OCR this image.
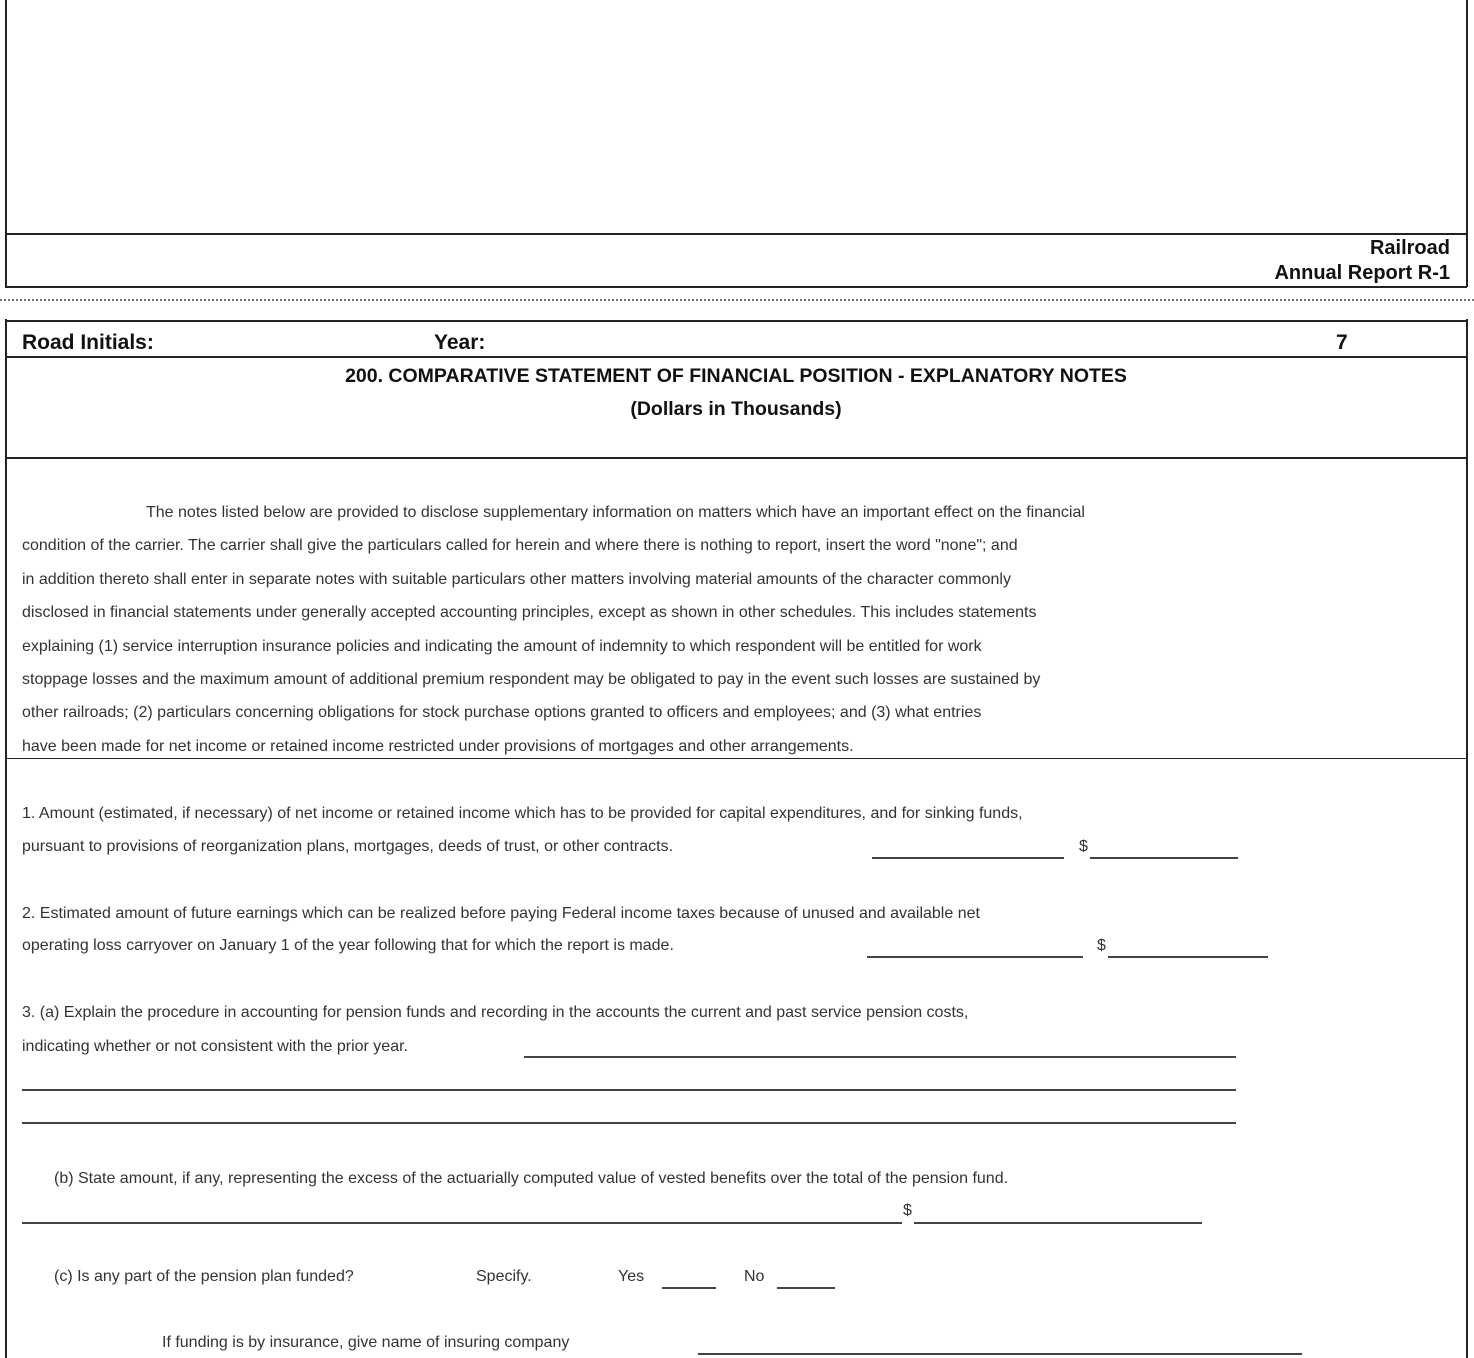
Railroad
Annual Report R-1
Road Initials:	Year:	7
200. COMPARATIVE STATEMENT OF FINANCIAL POSITION - EXPLANATORY NOTES
(Dollars in Thousands)
The notes listed below are provided to disclose supplementary information on matters which have an important effect on the financial
condition of the carrier. The carrier shall give the particulars called for herein and where there is nothing to report, insert the word "none"; and
in addition thereto shall enter in separate notes with suitable particulars other matters involving material amounts of the character commonly
disclosed in financial statements under generally accepted accounting principles, except as shown in other schedules. This includes statements
explaining (1) service interruption insurance policies and indicating the amount of indemnity to which respondent will be entitled for work
stoppage losses and the maximum amount of additional premium respondent may be obligated to pay in the event such losses are sustained by
other railroads; (2) particulars concerning obligations for stock purchase options granted to officers and employees; and (3) what entries
have been made for net income or retained income restricted under provisions of mortgages and other arrangements.
1. Amount (estimated, if necessary) of net income or retained income which has to be provided for capital expenditures, and for sinking funds,
pursuant to provisions of reorganization plans, mortgages, deeds of trust, or other contracts.	$
2. Estimated amount of future earnings which can be realized before paying Federal income taxes because of unused and available net
operating loss carryover on January 1 of the year following that for which the report is made.	$
3. (a) Explain the procedure in accounting for pension funds and recording in the accounts the current and past service pension costs,
indicating whether or not consistent with the prior year.
(b) State amount, if any, representing the excess of the actuarially computed value of vested benefits over the total of the pension fund.
$
(c) Is any part of the pension plan funded?	Specify.	Yes	No
If funding is by insurance, give name of insuring company
